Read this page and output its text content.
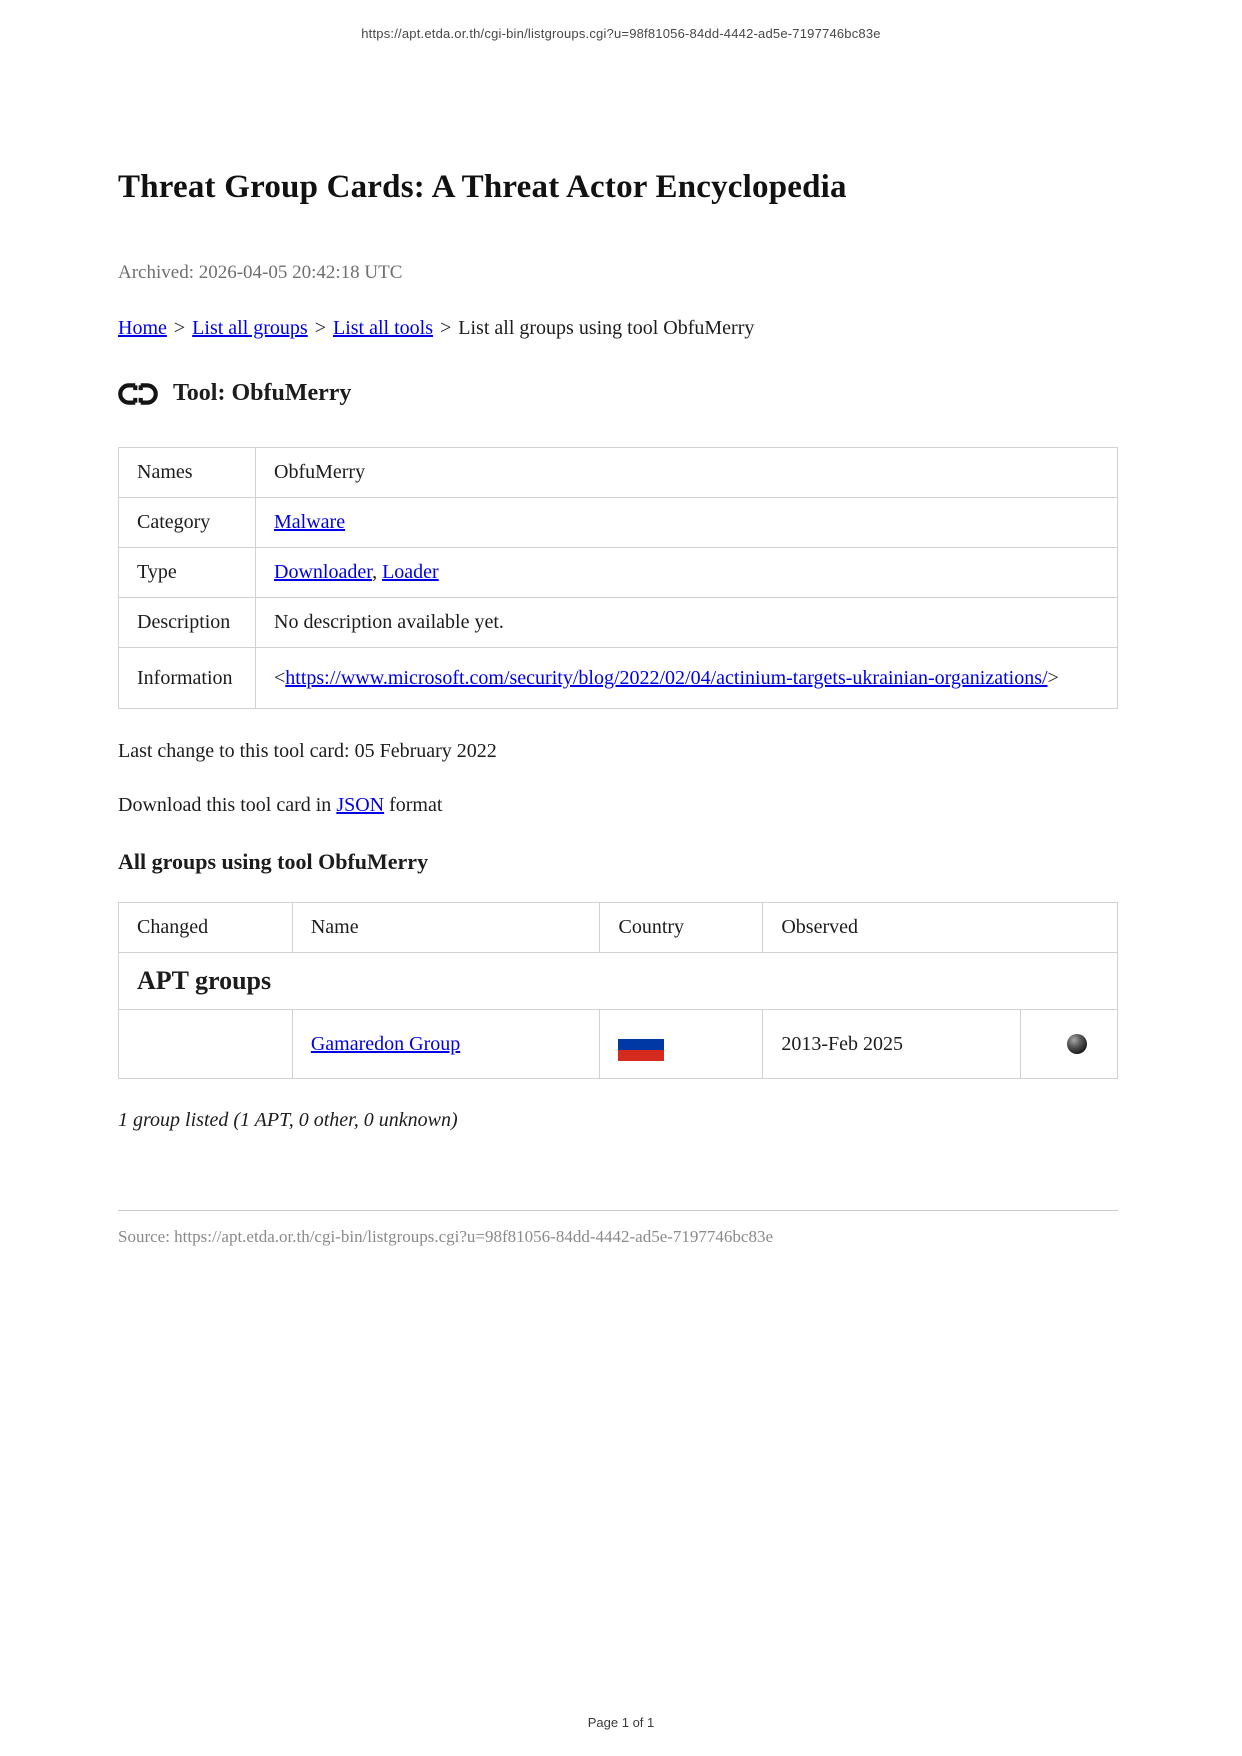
https://apt.etda.or.th/cgi-bin/listgroups.cgi?u=98f81056-84dd-4442-ad5e-7197746bc83e
Threat Group Cards: A Threat Actor Encyclopedia
Archived: 2026-04-05 20:42:18 UTC
Home > List all groups > List all tools > List all groups using tool ObfuMerry
Tool: ObfuMerry
Names	ObfuMerry
Category	Malware
Type	Downloader, Loader
Description	No description available yet.
Information	<https://www.microsoft.com/security/blog/2022/02/04/actinium-targets-ukrainian-organizations/>
Last change to this tool card: 05 February 2022
Download this tool card in JSON format
All groups using tool ObfuMerry
Changed	Name	Country	Observed	
APT groups				
	Gamaredon Group		2013-Feb 2025	
1 group listed (1 APT, 0 other, 0 unknown)
Source: https://apt.etda.or.th/cgi-bin/listgroups.cgi?u=98f81056-84dd-4442-ad5e-7197746bc83e
Page 1 of 1
